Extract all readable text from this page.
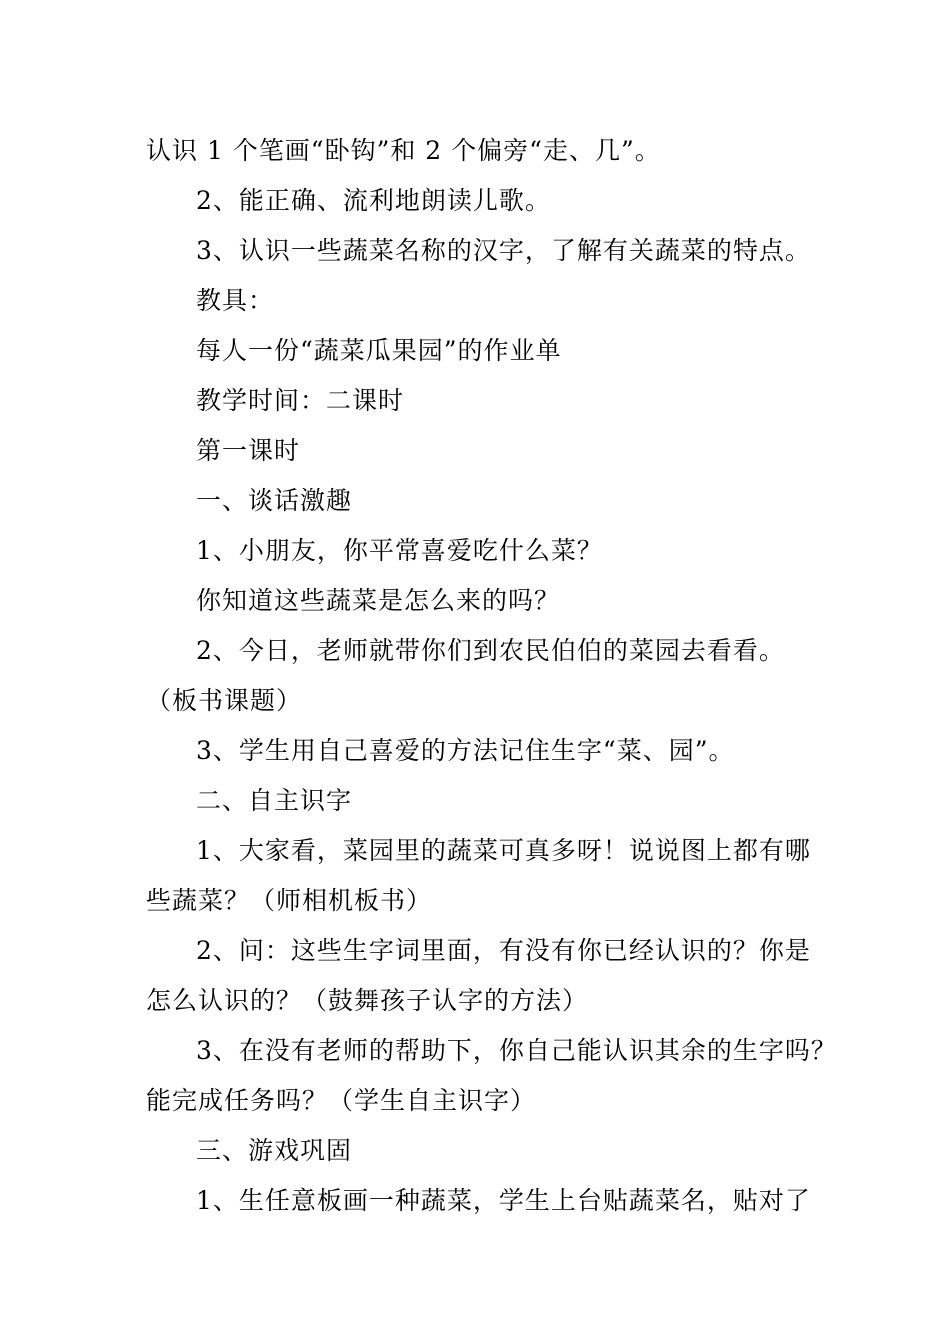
认识 1 个笔画“卧钩”和 2 个偏旁“走、几”。
2、能正确、流利地朗读儿歌。
3、认识一些蔬菜名称的汉字，了解有关蔬菜的特点。
教具：
每人一份“蔬菜瓜果园”的作业单
教学时间：二课时
第一课时
一、谈话激趣
1、小朋友，你平常喜爱吃什么菜？
你知道这些蔬菜是怎么来的吗？
2、今日，老师就带你们到农民伯伯的菜园去看看。
（板书课题）
3、学生用自己喜爱的方法记住生字“菜、园”。
二、自主识字
1、大家看，菜园里的蔬菜可真多呀！说说图上都有哪
些蔬菜？（师相机板书）
2、问：这些生字词里面，有没有你已经认识的？你是
怎么认识的？（鼓舞孩子认字的方法）
3、在没有老师的帮助下，你自己能认识其余的生字吗？
能完成任务吗？（学生自主识字）
三、游戏巩固
1、生任意板画一种蔬菜，学生上台贴蔬菜名，贴对了
